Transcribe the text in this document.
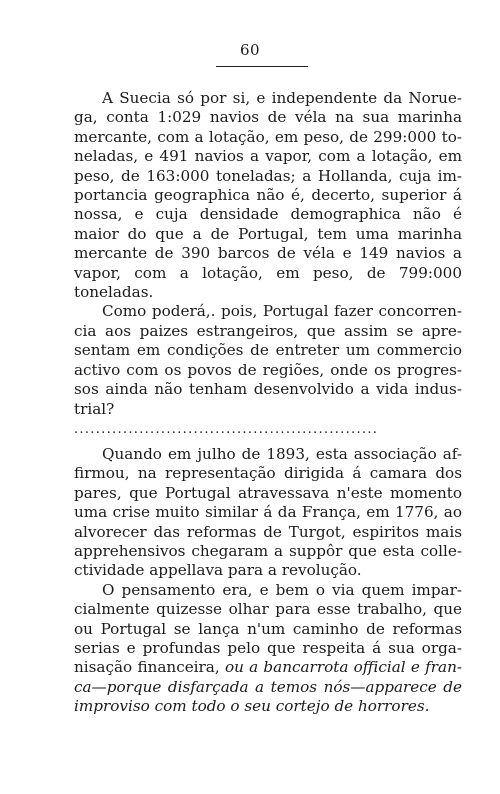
60

A Suecia só por si, e independente da Norue-ga, conta 1:029 navios de véla na sua marinha mercante, com a lotação, em peso, de 299:000 to-neladas, e 491 navios a vapor, com a lotação, em peso, de 163:000 toneladas; a Hollanda, cuja im-portancia geographica não é, decerto, superior á nossa, e cuja densidade demographica não é maior do que a de Portugal, tem uma marinha mercante de 390 barcos de véla e 149 navios a vapor, com a lotação, em peso, de 799:000 toneladas.

Como poderá,. pois, Portugal fazer concorren-cia aos paizes estrangeiros, que assim se apre-sentam em condições de entreter um commercio activo com os povos de regiões, onde os progres-sos ainda não tenham desenvolvido a vida indus-trial?

........................................................

Quando em julho de 1893, esta associação af-firmou, na representação dirigida á camara dos pares, que Portugal atravessava n'este momento uma crise muito similar á da França, em 1776, ao alvorecer das reformas de Turgot, espiritos mais apprehensivos chegaram a suppôr que esta colle-ctividade appellava para a revolução.

O pensamento era, e bem o via quem impar-cialmente quizesse olhar para esse trabalho, que ou Portugal se lança n'um caminho de reformas serias e profundas pelo que respeita á sua orga-nisação financeira, ou a bancarrota official e fran-ca—porque disfarçada a temos nós—apparece de improviso com todo o seu cortejo de horrores.
